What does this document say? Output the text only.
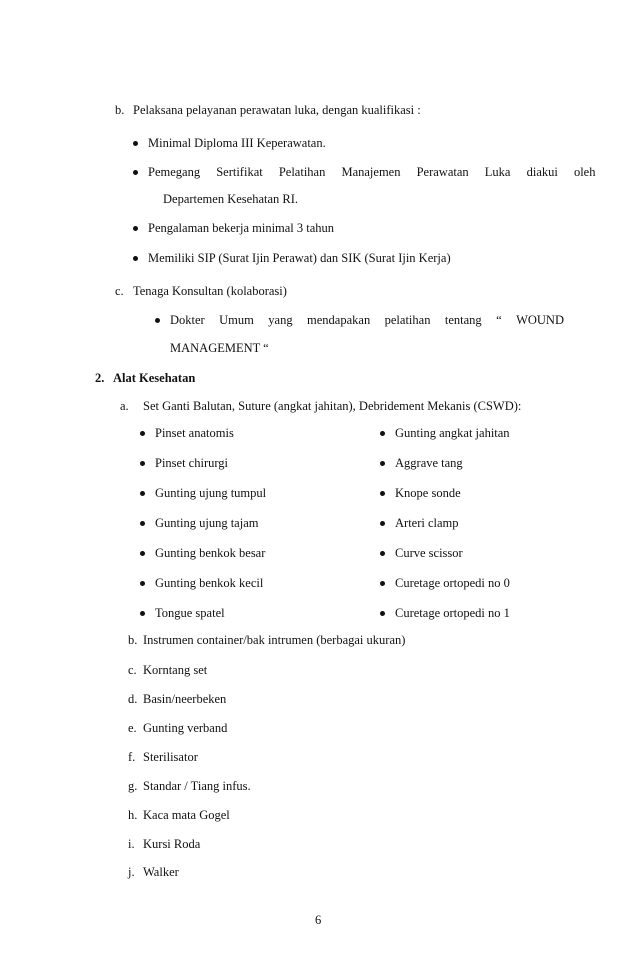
b. Pelaksana pelayanan perawatan luka, dengan kualifikasi :
Minimal Diploma III Keperawatan.
Pemegang Sertifikat Pelatihan Manajemen Perawatan Luka diakui oleh
Departemen Kesehatan RI.
Pengalaman bekerja minimal 3 tahun
Memiliki SIP (Surat Ijin Perawat) dan SIK (Surat Ijin Kerja)
c. Tenaga Konsultan (kolaborasi)
Dokter Umum yang mendapakan pelatihan tentang “ WOUND
MANAGEMENT “
2. Alat Kesehatan
a. Set Ganti Balutan, Suture (angkat jahitan), Debridement Mekanis (CSWD):
Pinset anatomis
Pinset chirurgi
Gunting ujung tumpul
Gunting ujung tajam
Gunting benkok besar
Gunting benkok kecil
Tongue spatel
Gunting angkat jahitan
Aggrave tang
Knope sonde
Arteri clamp
Curve scissor
Curetage ortopedi no 0
Curetage ortopedi no 1
b. Instrumen container/bak intrumen (berbagai ukuran)
c. Korntang set
d. Basin/neerbeken
e. Gunting verband
f. Sterilisator
g. Standar / Tiang infus.
h. Kaca mata Gogel
i. Kursi Roda
j. Walker
6
